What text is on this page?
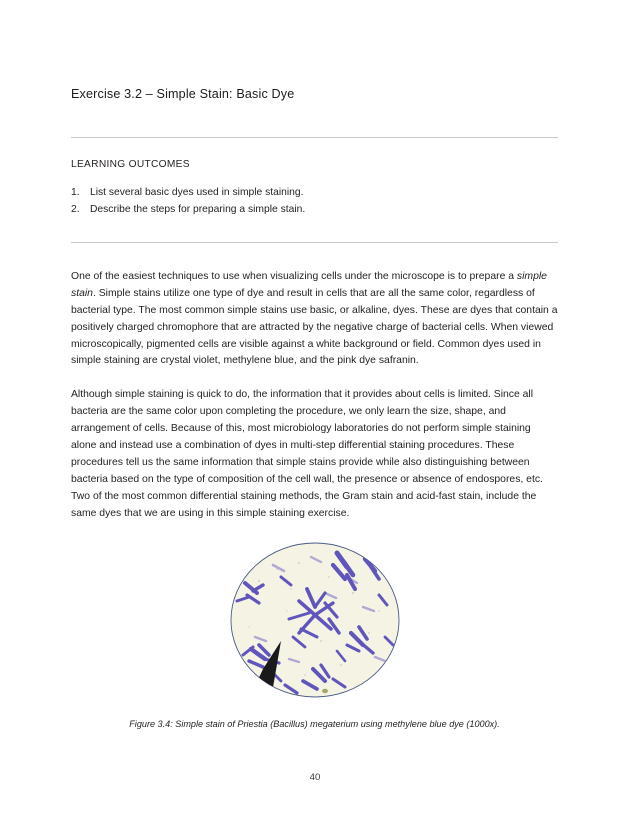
Exercise 3.2 – Simple Stain: Basic Dye
LEARNING OUTCOMES
1.	List several basic dyes used in simple staining.
2.	Describe the steps for preparing a simple stain.

One of the easiest techniques to use when visualizing cells under the microscope is to prepare a simple stain. Simple stains utilize one type of dye and result in cells that are all the same color, regardless of bacterial type. The most common simple stains use basic, or alkaline, dyes. These are dyes that contain a positively charged chromophore that are attracted by the negative charge of bacterial cells. When viewed microscopically, pigmented cells are visible against a white background or field. Common dyes used in simple staining are crystal violet, methylene blue, and the pink dye safranin.

Although simple staining is quick to do, the information that it provides about cells is limited. Since all bacteria are the same color upon completing the procedure, we only learn the size, shape, and arrangement of cells. Because of this, most microbiology laboratories do not perform simple staining alone and instead use a combination of dyes in multi-step differential staining procedures. These procedures tell us the same information that simple stains provide while also distinguishing between bacteria based on the type of composition of the cell wall, the presence or absence of endospores, etc. Two of the most common differential staining methods, the Gram stain and acid-fast stain, include the same dyes that we are using in this simple staining exercise.

Figure 3.4: Simple stain of Priestia (Bacillus) megaterium using methylene blue dye (1000x).

40
